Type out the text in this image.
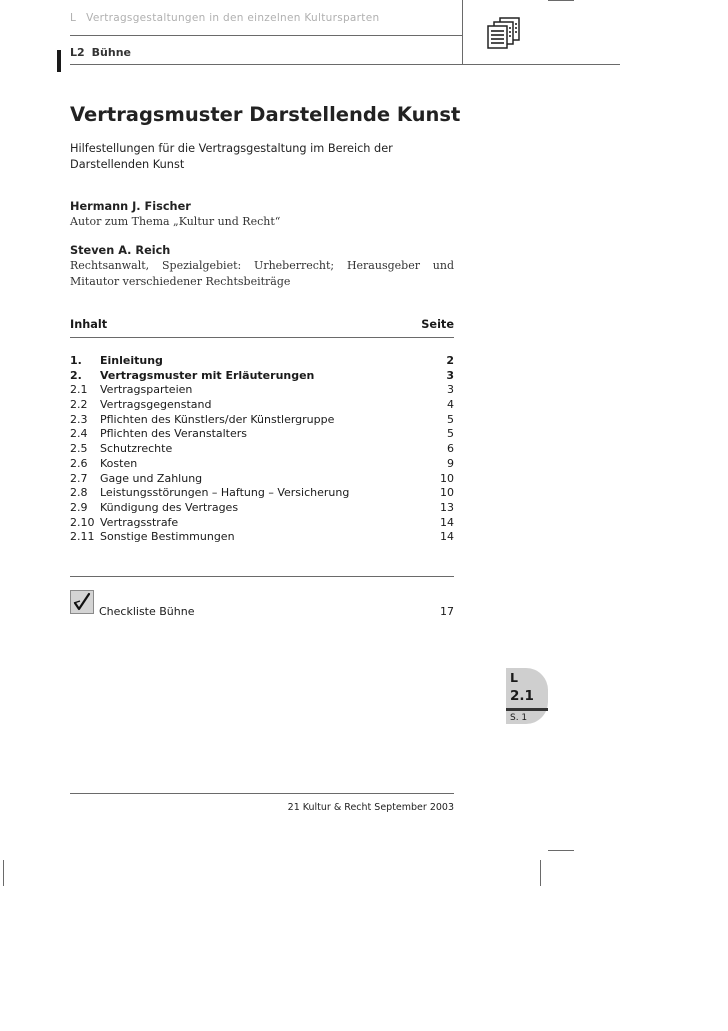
L Vertragsgestaltungen in den einzelnen Kultursparten
L2 Bühne
Vertragsmuster Darstellende Kunst
Hilfestellungen für die Vertragsgestaltung im Bereich der Darstellenden Kunst
Hermann J. Fischer
Autor zum Thema „Kultur und Recht“
Steven A. Reich
Rechtsanwalt, Spezialgebiet: Urheberrecht; Herausgeber und Mitautor verschiedener Rechtsbeiträge
Inhalt	Seite
1.	Einleitung	2
2.	Vertragsmuster mit Erläuterungen	3
2.1	Vertragsparteien	3
2.2	Vertragsgegenstand	4
2.3	Pflichten des Künstlers/der Künstlergruppe	5
2.4	Pflichten des Veranstalters	5
2.5	Schutzrechte	6
2.6	Kosten	9
2.7	Gage und Zahlung	10
2.8	Leistungsstörungen – Haftung – Versicherung	10
2.9	Kündigung des Vertrages	13
2.10 Vertragsstrafe	14
2.11 Sonstige Bestimmungen	14
Checkliste Bühne	17
L
2.1
S. 1
21 Kultur & Recht September 2003
